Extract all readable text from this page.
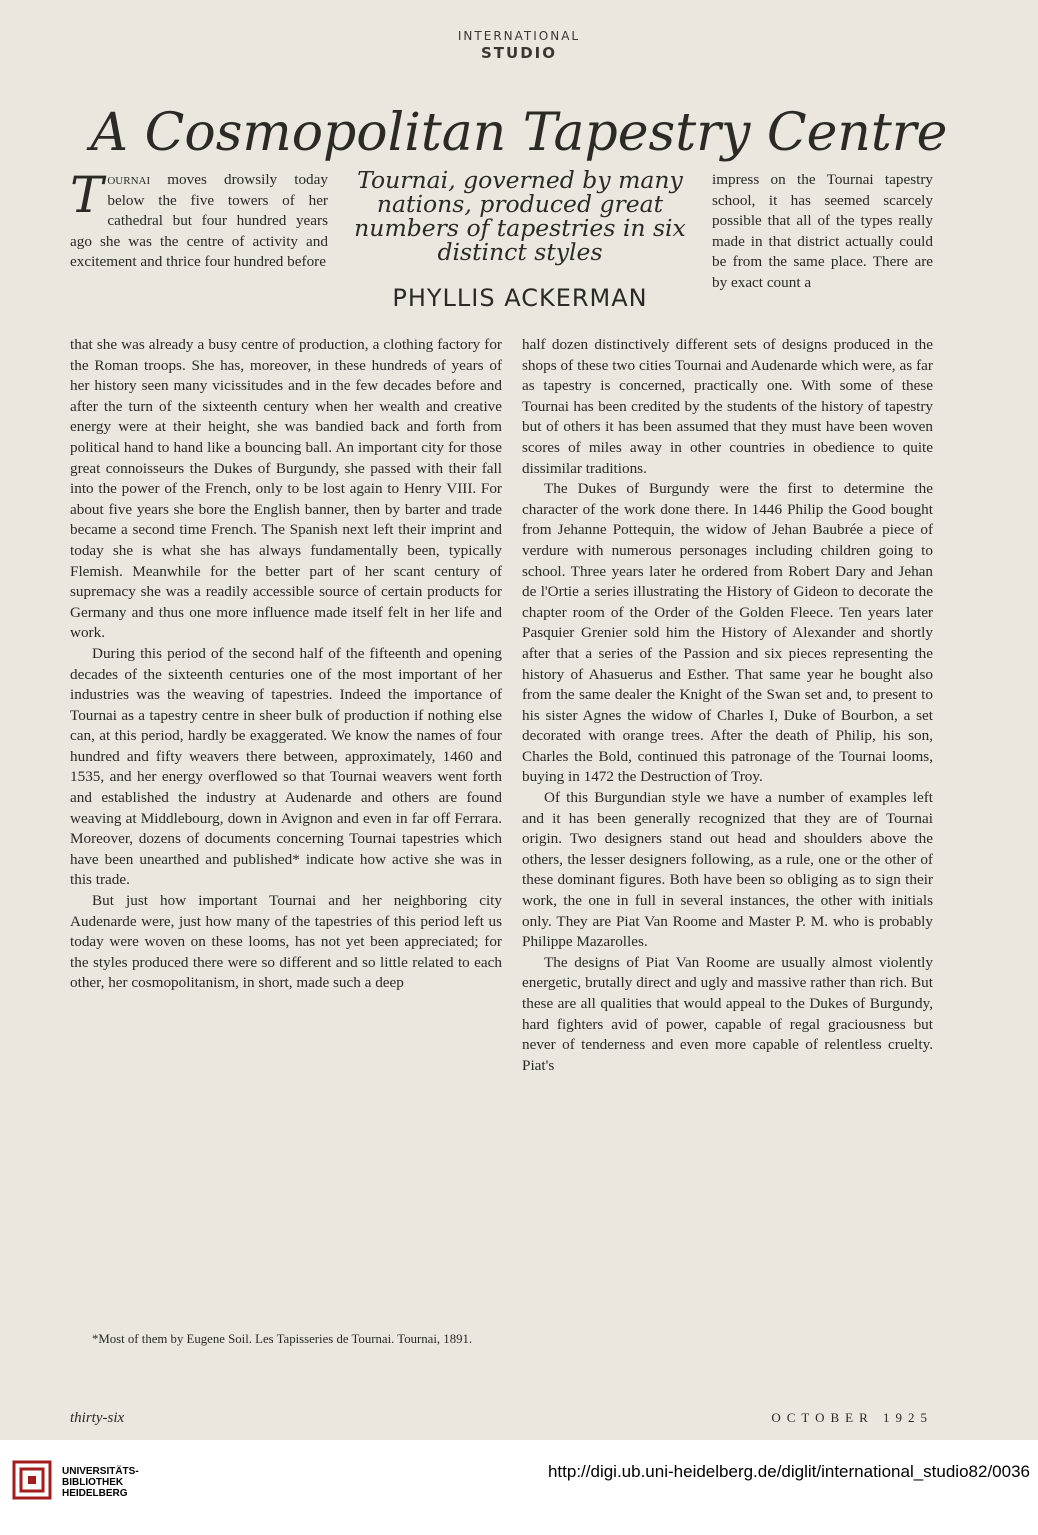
INTERNATIONAL
STUDIO
A Cosmopolitan Tapestry Centre
T ournai moves drowsily today below the five towers of her cathedral but four hundred years ago she was the centre of activity and excitement and thrice four hundred before
Tournai, governed by many nations, produced great numbers of tapestries in six distinct styles
PHYLLIS ACKERMAN

impress on the Tournai tapestry school, it has seemed scarcely possible that all of the types really made in that district actually could be from the same place. There are by exact count a

that she was already a busy centre of production, a clothing factory for the Roman troops. She has, moreover, in these hundreds of years of her history seen many vicissitudes and in the few decades before and after the turn of the sixteenth century when her wealth and creative energy were at their height, she was bandied back and forth from political hand to hand like a bouncing ball. An important city for those great connoisseurs the Dukes of Burgundy, she passed with their fall into the power of the French, only to be lost again to Henry VIII. For about five years she bore the English banner, then by barter and trade became a second time French. The Spanish next left their imprint and today she is what she has always fundamentally been, typically Flemish. Meanwhile for the better part of her scant century of supremacy she was a readily accessible source of certain products for Germany and thus one more influence made itself felt in her life and work.

During this period of the second half of the fifteenth and opening decades of the sixteenth centuries one of the most important of her industries was the weaving of tapestries. Indeed the importance of Tournai as a tapestry centre in sheer bulk of production if nothing else can, at this period, hardly be exaggerated. We know the names of four hundred and fifty weavers there between, approximately, 1460 and 1535, and her energy overflowed so that Tournai weavers went forth and established the industry at Audenarde and others are found weaving at Middlebourg, down in Avignon and even in far off Ferrara. Moreover, dozens of documents concerning Tournai tapestries which have been unearthed and published* indicate how active she was in this trade.

But just how important Tournai and her neighboring city Audenarde were, just how many of the tapestries of this period left us today were woven on these looms, has not yet been appreciated; for the styles produced there were so different and so little related to each other, her cosmopolitanism, in short, made such a deep

half dozen distinctively different sets of designs produced in the shops of these two cities Tournai and Audenarde which were, as far as tapestry is concerned, practically one. With some of these Tournai has been credited by the students of the history of tapestry but of others it has been assumed that they must have been woven scores of miles away in other countries in obedience to quite dissimilar traditions.

The Dukes of Burgundy were the first to determine the character of the work done there. In 1446 Philip the Good bought from Jehanne Pottequin, the widow of Jehan Baubrée a piece of verdure with numerous personages including children going to school. Three years later he ordered from Robert Dary and Jehan de l'Ortie a series illustrating the History of Gideon to decorate the chapter room of the Order of the Golden Fleece. Ten years later Pasquier Grenier sold him the History of Alexander and shortly after that a series of the Passion and six pieces representing the history of Ahasuerus and Esther. That same year he bought also from the same dealer the Knight of the Swan set and, to present to his sister Agnes the widow of Charles I, Duke of Bourbon, a set decorated with orange trees. After the death of Philip, his son, Charles the Bold, continued this patronage of the Tournai looms, buying in 1472 the Destruction of Troy.

Of this Burgundian style we have a number of examples left and it has been generally recognized that they are of Tournai origin. Two designers stand out head and shoulders above the others, the lesser designers following, as a rule, one or the other of these dominant figures. Both have been so obliging as to sign their work, the one in full in several instances, the other with initials only. They are Piat Van Roome and Master P. M. who is probably Philippe Mazarolles.

The designs of Piat Van Roome are usually almost violently energetic, brutally direct and ugly and massive rather than rich. But these are all qualities that would appeal to the Dukes of Burgundy, hard fighters avid of power, capable of regal graciousness but never of tenderness and even more capable of relentless cruelty. Piat's

*Most of them by Eugene Soil. Les Tapisseries de Tournai. Tournai, 1891.

thirty-six	OCTOBER 1925
UNIVERSITÄTS-
BIBLIOTHEK
HEIDELBERG
http://digi.ub.uni-heidelberg.de/diglit/international_studio82/0036
